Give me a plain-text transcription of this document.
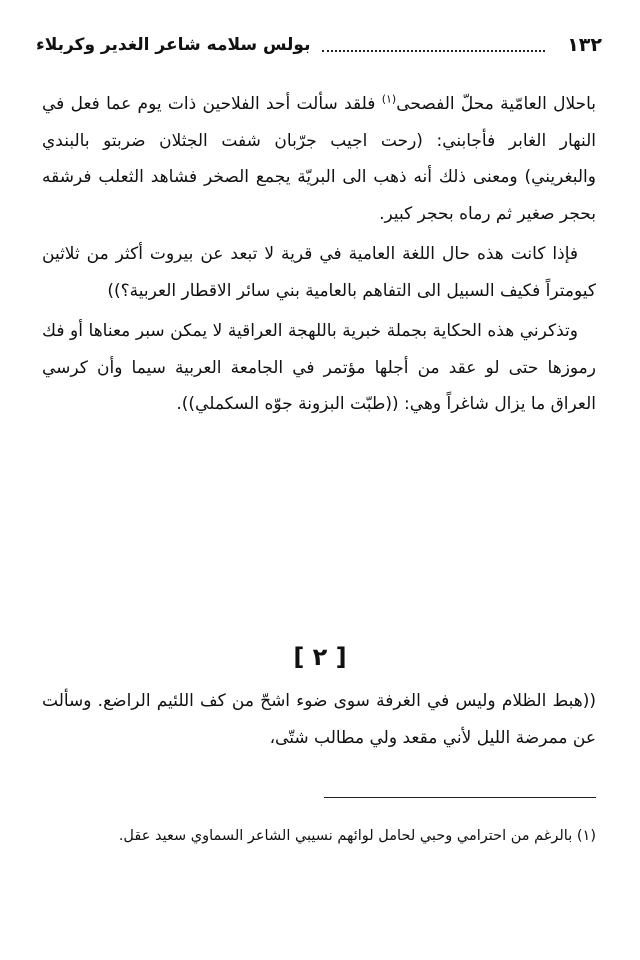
١٣٢
بولس سلامه شاعر الغدير وكربلاء

باحلال العامّية محلّ الفصحى$^{(١)}$ فلقد سألت أحد الفلاحين ذات يوم عما فعل في النهار الغابر فأجابني: (رحت اجيب جرّبان شفت الجثلان ضربتو بالبندي والبغريني) ومعنى ذلك أنه ذهب الى البريّة يجمع الصخر فشاهد الثعلب فرشقه بحجر صغير ثم رماه بحجر كبير.

فإذا كانت هذه حال اللغة العامية في قرية لا تبعد عن بيروت أكثر من ثلاثين كيومتراً فكيف السبيل الى التفاهم بالعامية بني سائر الاقطار العربية؟))

وتذكرني هذه الحكاية بجملة خبرية باللهجة العراقية لا يمكن سبر معناها أو فك رموزها حتى لو عقد من أجلها مؤتمر في الجامعة العربية سيما وأن كرسي العراق ما يزال شاغراً وهي: ((طبّت البزونة جوّه السكملي)).

[ ٢ ]

((هبط الظلام وليس في الغرفة سوى ضوء اشحّ من كف اللئيم الراضع. وسألت عن ممرضة الليل لأني مقعد ولي مطالب شتّى،

(١) بالرغم من احترامي وحبي لحامل لوائهم نسيبي الشاعر السماوي سعيد عقل.
